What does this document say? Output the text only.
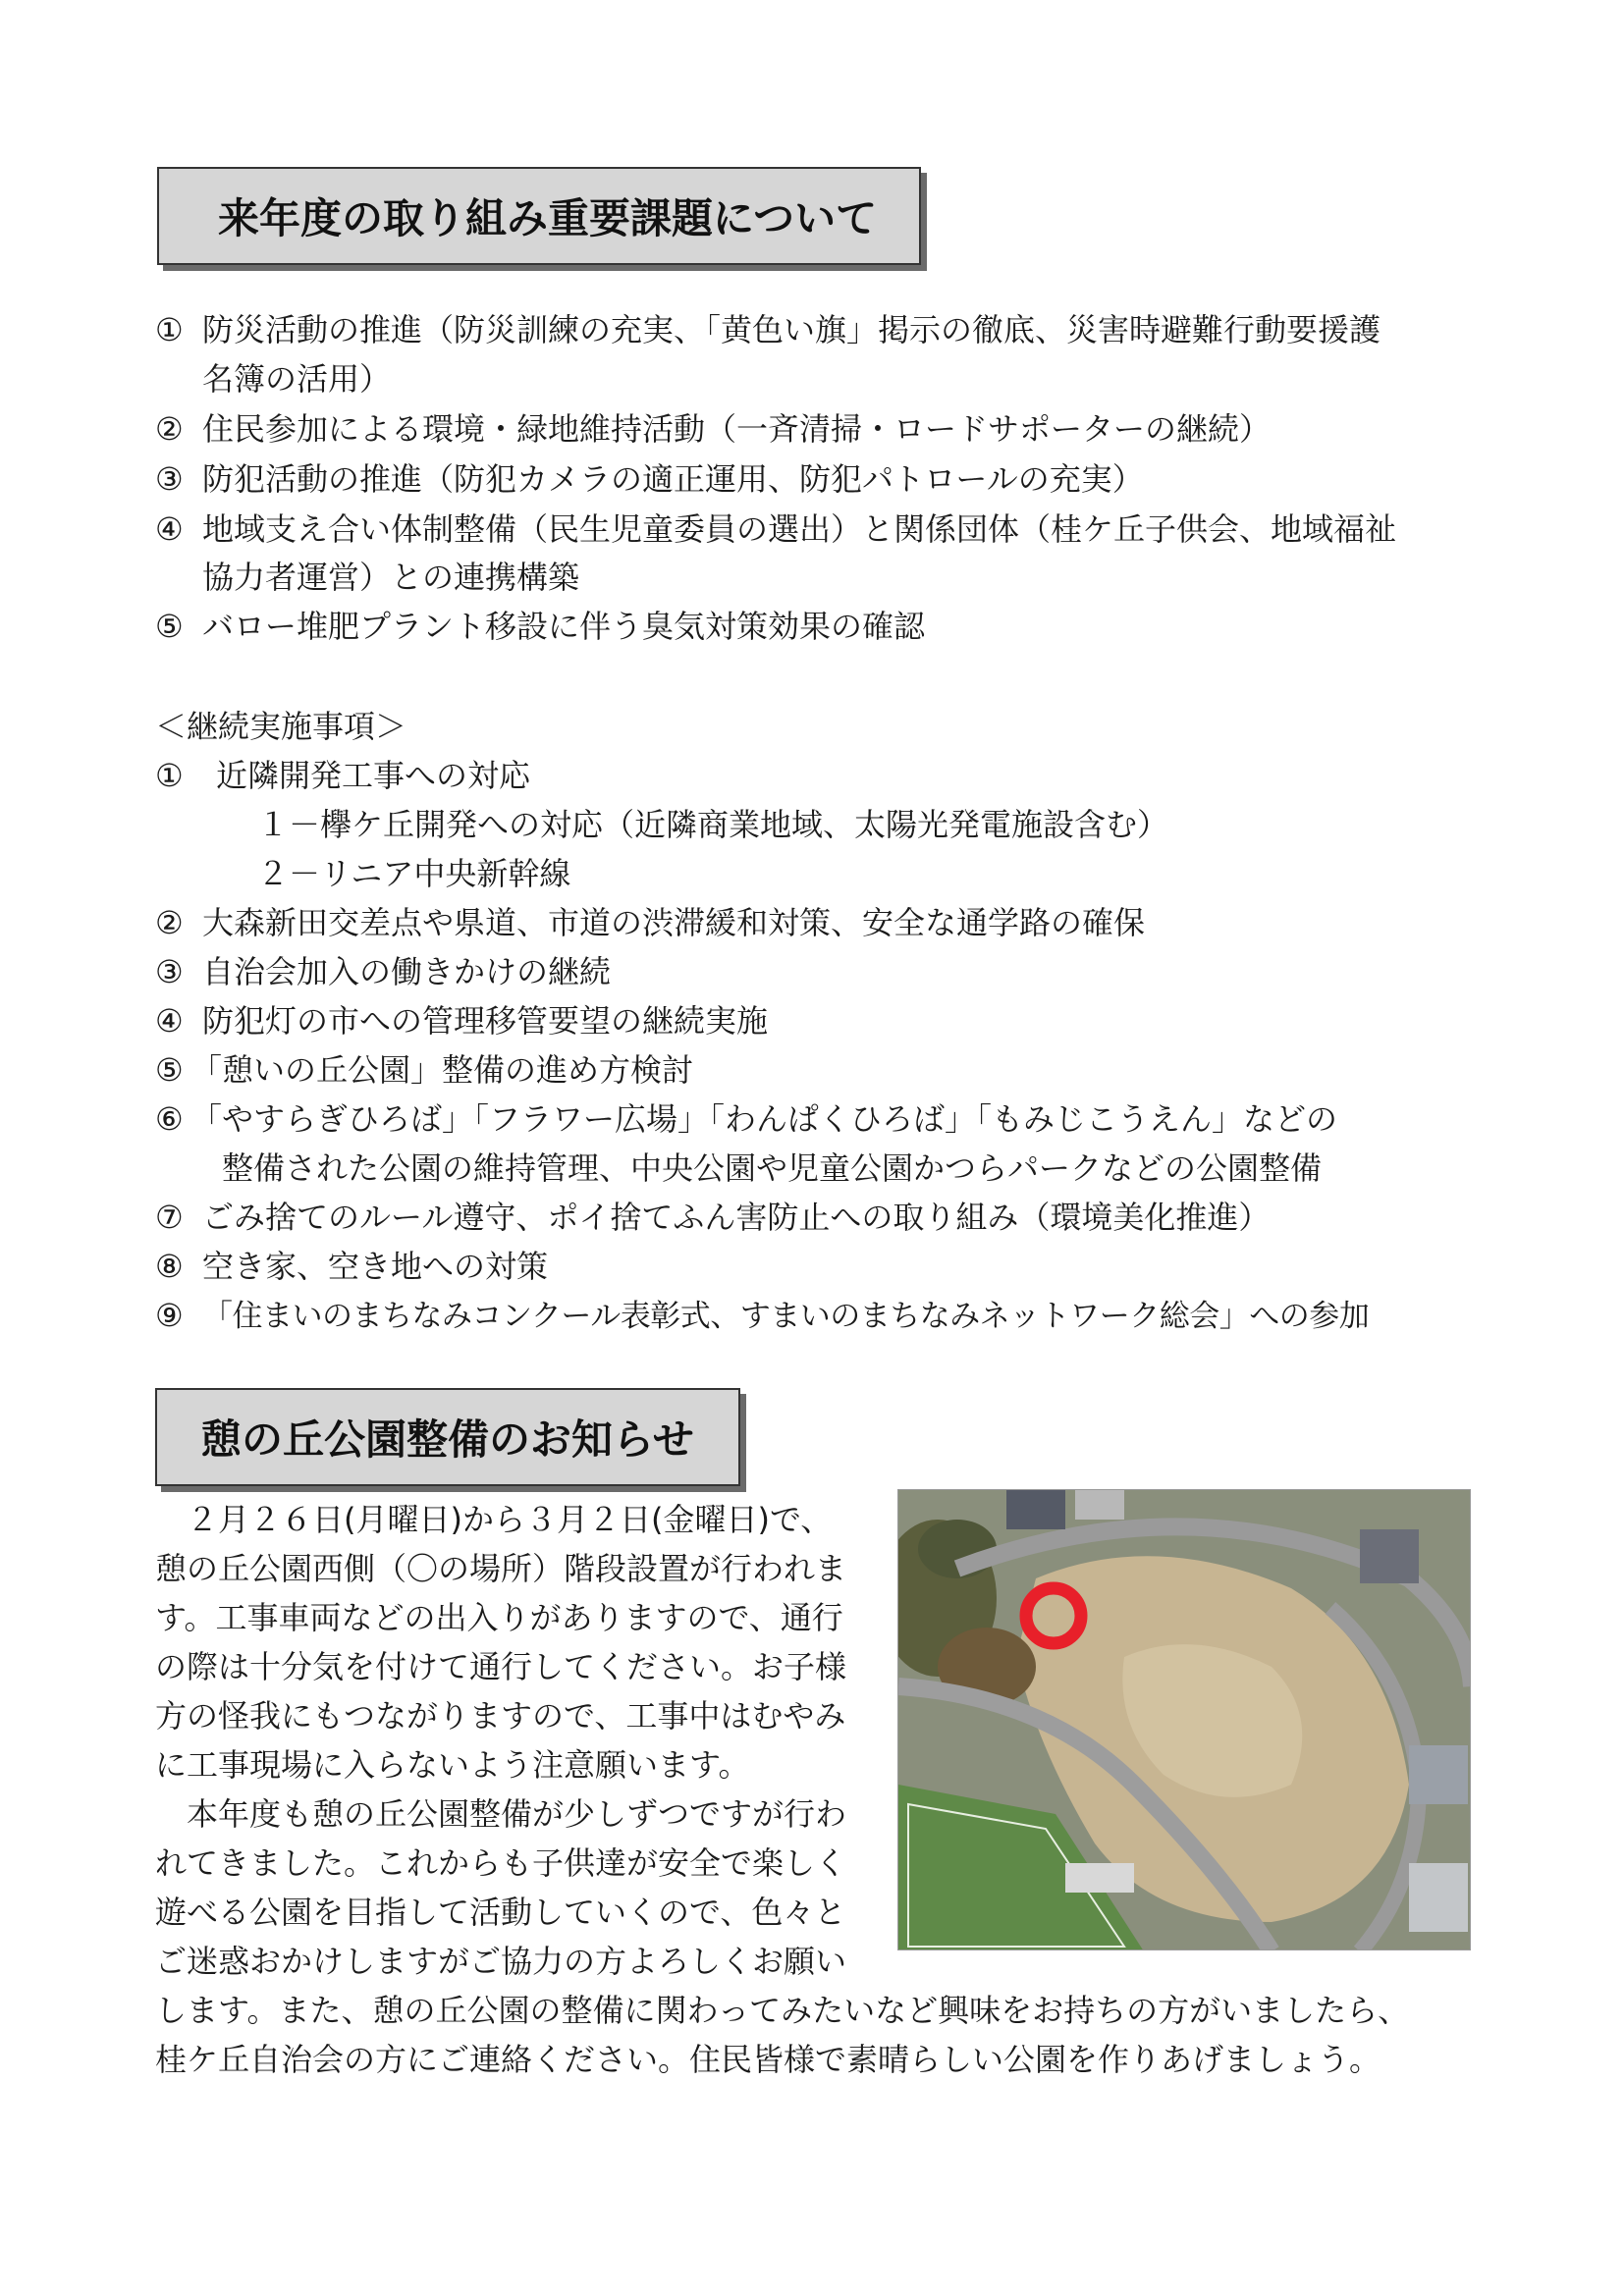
来年度の取り組み重要課題について
① 防災活動の推進（防災訓練の充実、「黄色い旗」掲示の徹底、災害時避難行動要援護
名簿の活用）
② 住民参加による環境・緑地維持活動（一斉清掃・ロードサポーターの継続）
③ 防犯活動の推進（防犯カメラの適正運用、防犯パトロールの充実）
④ 地域支え合い体制整備（民生児童委員の選出）と関係団体（桂ケ丘子供会、地域福祉
協力者運営）との連携構築
⑤ バロー堆肥プラント移設に伴う臭気対策効果の確認
＜継続実施事項＞
① 近隣開発工事への対応
１－欅ケ丘開発への対応（近隣商業地域、太陽光発電施設含む）
２－リニア中央新幹線
② 大森新田交差点や県道、市道の渋滞緩和対策、安全な通学路の確保
③ 自治会加入の働きかけの継続
④ 防犯灯の市への管理移管要望の継続実施
⑤ 「憩いの丘公園」整備の進め方検討
⑥ 「やすらぎひろば」「フラワー広場」「わんぱくひろば」「もみじこうえん」などの
整備された公園の維持管理、中央公園や児童公園かつらパークなどの公園整備
⑦ ごみ捨てのルール遵守、ポイ捨てふん害防止への取り組み（環境美化推進）
⑧ 空き家、空き地への対策
⑨ 「住まいのまちなみコンクール表彰式、すまいのまちなみネットワーク総会」への参加
憩の丘公園整備のお知らせ
　２月２６日(月曜日)から３月２日(金曜日)で、
憩の丘公園西側（〇の場所）階段設置が行われま
す。工事車両などの出入りがありますので、通行
の際は十分気を付けて通行してください。お子様
方の怪我にもつながりますので、工事中はむやみ
に工事現場に入らないよう注意願います。
　本年度も憩の丘公園整備が少しずつですが行わ
れてきました。これからも子供達が安全で楽しく
遊べる公園を目指して活動していくので、色々と
ご迷惑おかけしますがご協力の方よろしくお願い
します。また、憩の丘公園の整備に関わってみたいなど興味をお持ちの方がいましたら、
桂ケ丘自治会の方にご連絡ください。住民皆様で素晴らしい公園を作りあげましょう。
